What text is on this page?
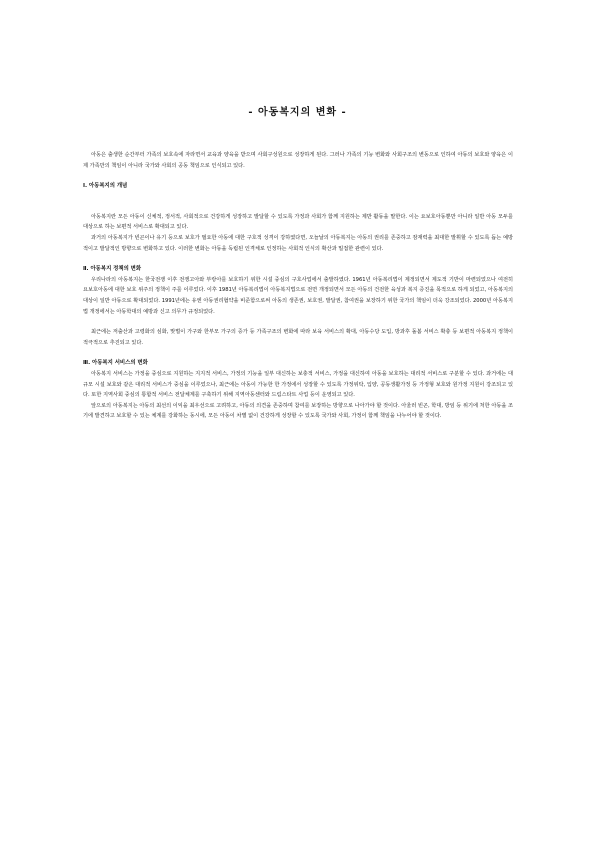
- 아동복지의 변화 -

아동은 출생한 순간부터 가족의 보호속에 자라면서 교육과 양육을 받으며 사회구성원으로 성장하게 된다. 그러나 가족의 기능 변화와 사회구조의 변동으로 인하여 아동의 보호와 양육은 이제 가족만의 책임이 아니라 국가와 사회의 공동 책임으로 인식되고 있다.

Ⅰ. 아동복지의 개념

아동복지란 모든 아동이 신체적, 정서적, 사회적으로 건강하게 성장하고 발달할 수 있도록 가정과 사회가 함께 지원하는 제반 활동을 말한다. 이는 요보호아동뿐만 아니라 일반 아동 모두를 대상으로 하는 보편적 서비스로 확대되고 있다.

과거의 아동복지가 빈곤이나 유기 등으로 보호가 필요한 아동에 대한 구호적 성격이 강하였다면, 오늘날의 아동복지는 아동의 권리를 존중하고 잠재력을 최대한 발휘할 수 있도록 돕는 예방적이고 발달적인 방향으로 변화하고 있다. 이러한 변화는 아동을 독립된 인격체로 인정하는 사회적 인식의 확산과 밀접한 관련이 있다.

Ⅱ. 아동복지 정책의 변화

우리나라의 아동복지는 한국전쟁 이후 전쟁고아와 부랑아를 보호하기 위한 시설 중심의 구호사업에서 출발하였다. 1961년 아동복리법이 제정되면서 제도적 기반이 마련되었으나 여전히 요보호아동에 대한 보호 위주의 정책이 주를 이루었다. 이후 1981년 아동복리법이 아동복지법으로 전면 개정되면서 모든 아동의 건전한 육성과 복지 증진을 목적으로 하게 되었고, 아동복지의 대상이 일반 아동으로 확대되었다. 1991년에는 유엔 아동권리협약을 비준함으로써 아동의 생존권, 보호권, 발달권, 참여권을 보장하기 위한 국가의 책임이 더욱 강조되었다. 2000년 아동복지법 개정에서는 아동학대의 예방과 신고 의무가 규정되었다.

최근에는 저출산과 고령화의 심화, 맞벌이 가구와 한부모 가구의 증가 등 가족구조의 변화에 따라 보육 서비스의 확대, 아동수당 도입, 방과후 돌봄 서비스 확충 등 보편적 아동복지 정책이 적극적으로 추진되고 있다.

Ⅲ. 아동복지 서비스의 변화

아동복지 서비스는 가정을 중심으로 지원하는 지지적 서비스, 가정의 기능을 일부 대신하는 보충적 서비스, 가정을 대신하여 아동을 보호하는 대리적 서비스로 구분할 수 있다. 과거에는 대규모 시설 보호와 같은 대리적 서비스가 중심을 이루었으나, 최근에는 아동이 가능한 한 가정에서 성장할 수 있도록 가정위탁, 입양, 공동생활가정 등 가정형 보호와 원가정 지원이 강조되고 있다. 또한 지역사회 중심의 통합적 서비스 전달체계를 구축하기 위해 지역아동센터와 드림스타트 사업 등이 운영되고 있다.

앞으로의 아동복지는 아동의 최선의 이익을 최우선으로 고려하고, 아동의 의견을 존중하며 참여를 보장하는 방향으로 나아가야 할 것이다. 아울러 빈곤, 학대, 방임 등 위기에 처한 아동을 조기에 발견하고 보호할 수 있는 체계를 강화하는 동시에, 모든 아동이 차별 없이 건강하게 성장할 수 있도록 국가와 사회, 가정이 함께 책임을 나누어야 할 것이다.
